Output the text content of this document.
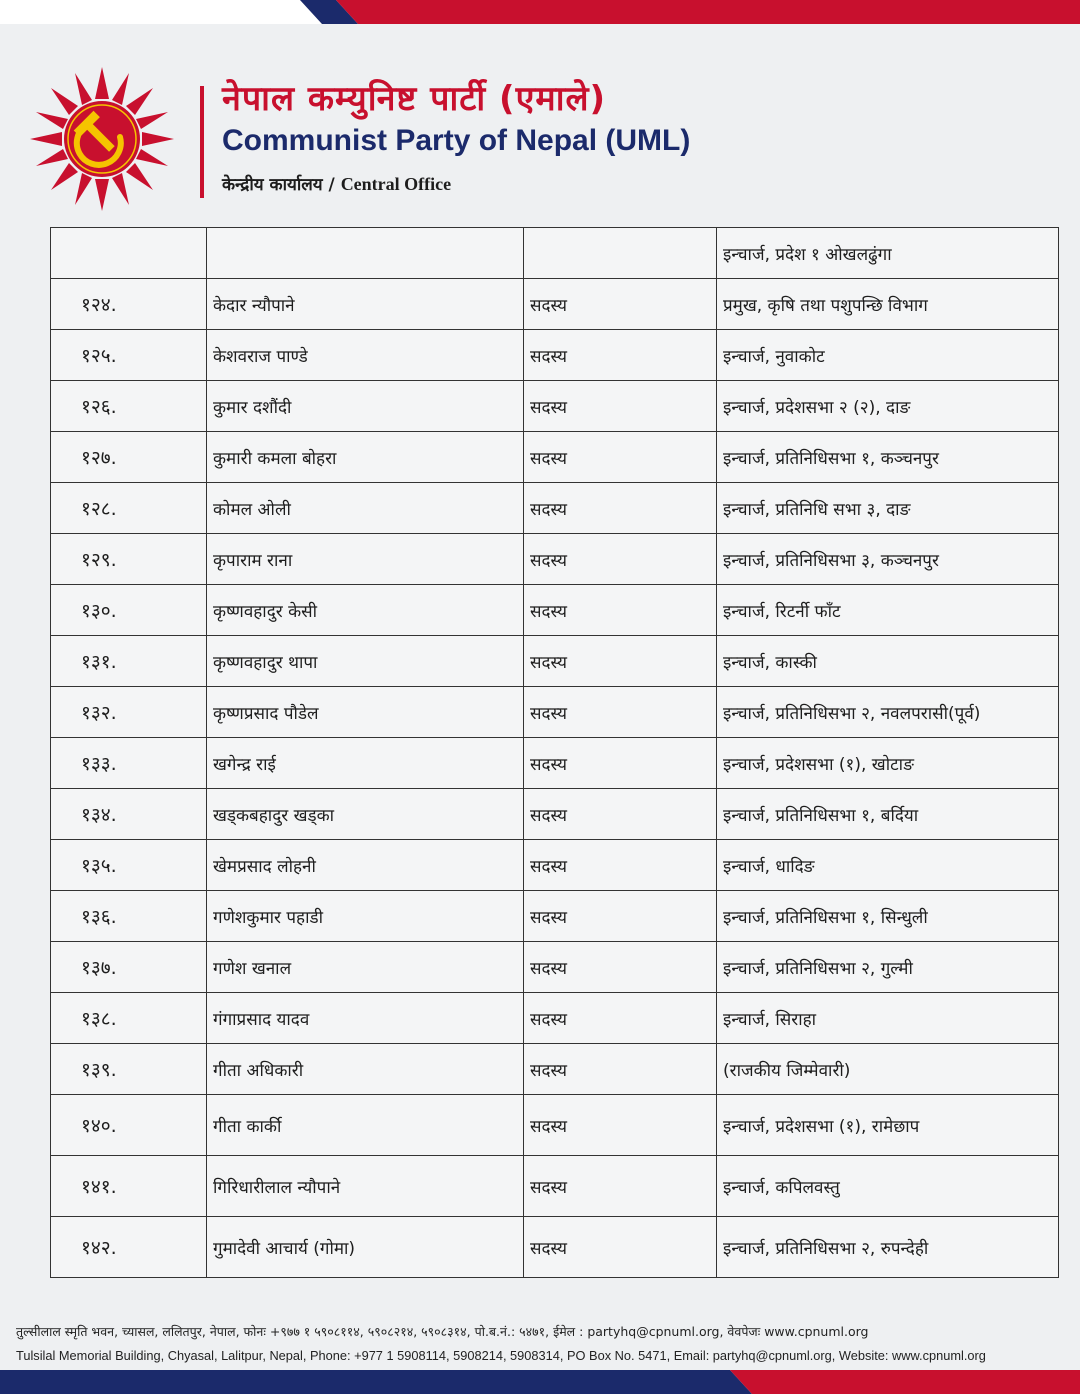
नेपाल कम्युनिष्ट पार्टी (एमाले)
Communist Party of Nepal (UML)
केन्द्रीय कार्यालय / Central Office
			इन्चार्ज, प्रदेश १ ओखलढुंगा
१२४.	केदार न्यौपाने	सदस्य	प्रमुख, कृषि तथा पशुपन्छि विभाग
१२५.	केशवराज पाण्डे	सदस्य	इन्चार्ज, नुवाकोट
१२६.	कुमार दशौंदी	सदस्य	इन्चार्ज, प्रदेशसभा २ (२), दाङ
१२७.	कुमारी कमला बोहरा	सदस्य	इन्चार्ज, प्रतिनिधिसभा १, कञ्चनपुर
१२८.	कोमल ओली	सदस्य	इन्चार्ज, प्रतिनिधि सभा ३, दाङ
१२९.	कृपाराम राना	सदस्य	इन्चार्ज, प्रतिनिधिसभा ३, कञ्चनपुर
१३०.	कृष्णवहादुर केसी	सदस्य	इन्चार्ज, रिटर्नी फाँट
१३१.	कृष्णवहादुर थापा	सदस्य	इन्चार्ज, कास्की
१३२.	कृष्णप्रसाद पौडेल	सदस्य	इन्चार्ज, प्रतिनिधिसभा २, नवलपरासी(पूर्व)
१३३.	खगेन्द्र राई	सदस्य	इन्चार्ज, प्रदेशसभा (१), खोटाङ
१३४.	खड्कबहादुर खड्का	सदस्य	इन्चार्ज, प्रतिनिधिसभा १, बर्दिया
१३५.	खेमप्रसाद लोहनी	सदस्य	इन्चार्ज, धादिङ
१३६.	गणेशकुमार पहाडी	सदस्य	इन्चार्ज, प्रतिनिधिसभा १, सिन्धुली
१३७.	गणेश खनाल	सदस्य	इन्चार्ज, प्रतिनिधिसभा २, गुल्मी
१३८.	गंगाप्रसाद यादव	सदस्य	इन्चार्ज, सिराहा
१३९.	गीता अधिकारी	सदस्य	(राजकीय जिम्मेवारी)
१४०.	गीता कार्की	सदस्य	इन्चार्ज, प्रदेशसभा (१), रामेछाप
१४१.	गिरिधारीलाल न्यौपाने	सदस्य	इन्चार्ज, कपिलवस्तु
१४२.	गुमादेवी आचार्य (गोमा)	सदस्य	इन्चार्ज, प्रतिनिधिसभा २, रुपन्देही
तुल्सीलाल स्मृति भवन, च्यासल, ललितपुर, नेपाल, फोनः +९७७ १ ५९०८११४, ५९०८२१४, ५९०८३१४, पो.ब.नं.: ५४७१, ईमेल : partyhq@cpnuml.org, वेवपेजः www.cpnuml.org
Tulsilal Memorial Building, Chyasal, Lalitpur, Nepal, Phone: +977 1 5908114, 5908214, 5908314, PO Box No. 5471, Email: partyhq@cpnuml.org, Website: www.cpnuml.org
